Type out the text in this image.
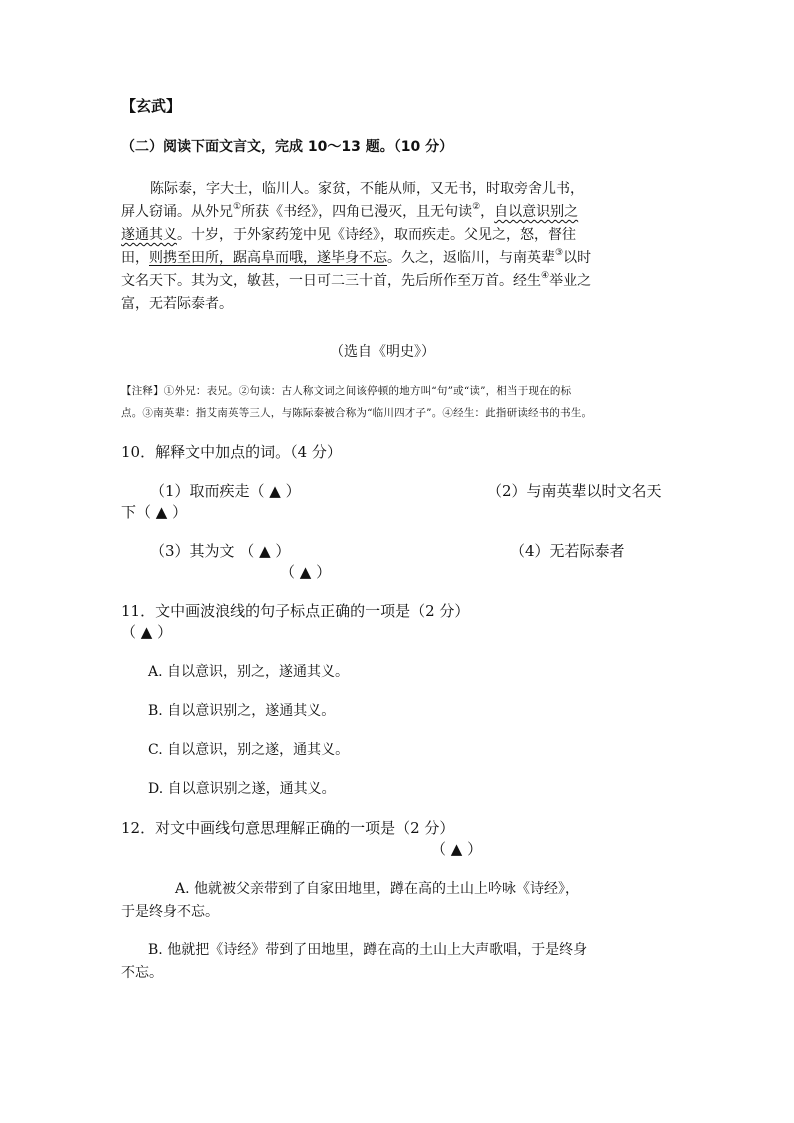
【玄武】
（二）阅读下面文言文，完成 10～13 题。（10 分）
陈际泰，字大士，临川人。家贫，不能从师，又无书，时取旁舍儿书，
屏人窃诵。从外兄①所获《书经》，四角已漫灭，且无句读②，自以意识别之
遂通其义。十岁，于外家药笼中见《诗经》，取而疾走。父见之，怒，督往
田，则携至田所，踞高阜而哦，遂毕身不忘。久之，返临川，与南英辈③以时
文名天下。其为文，敏甚，一日可二三十首，先后所作至万首。经生④举业之
富，无若际泰者。
（选自《明史》）
【注释】①外兄：表兄。②句读：古人称文词之间该停顿的地方叫“句”或“读”，相当于现在的标
点。③南英辈：指艾南英等三人，与陈际泰被合称为“临川四才子”。④经生：此指研读经书的书生。
10．解释文中加点的词。（4 分）
（1）取而疾走（ ▲ ）	（2）与南英辈以时文名天
下（ ▲ ）
（3）其为文 （ ▲ ）	（4）无若际泰者
（ ▲ ）
11．文中画波浪线的句子标点正确的一项是（2 分）
（ ▲ ）
A. 自以意识，别之，遂通其义。
B. 自以意识别之，遂通其义。
C. 自以意识，别之遂，通其义。
D. 自以意识别之遂，通其义。
12．对文中画线句意思理解正确的一项是（2 分）
（ ▲ ）
A. 他就被父亲带到了自家田地里，蹲在高的土山上吟咏《诗经》，
于是终身不忘。
B. 他就把《诗经》带到了田地里，蹲在高的土山上大声歌唱，于是终身
不忘。
